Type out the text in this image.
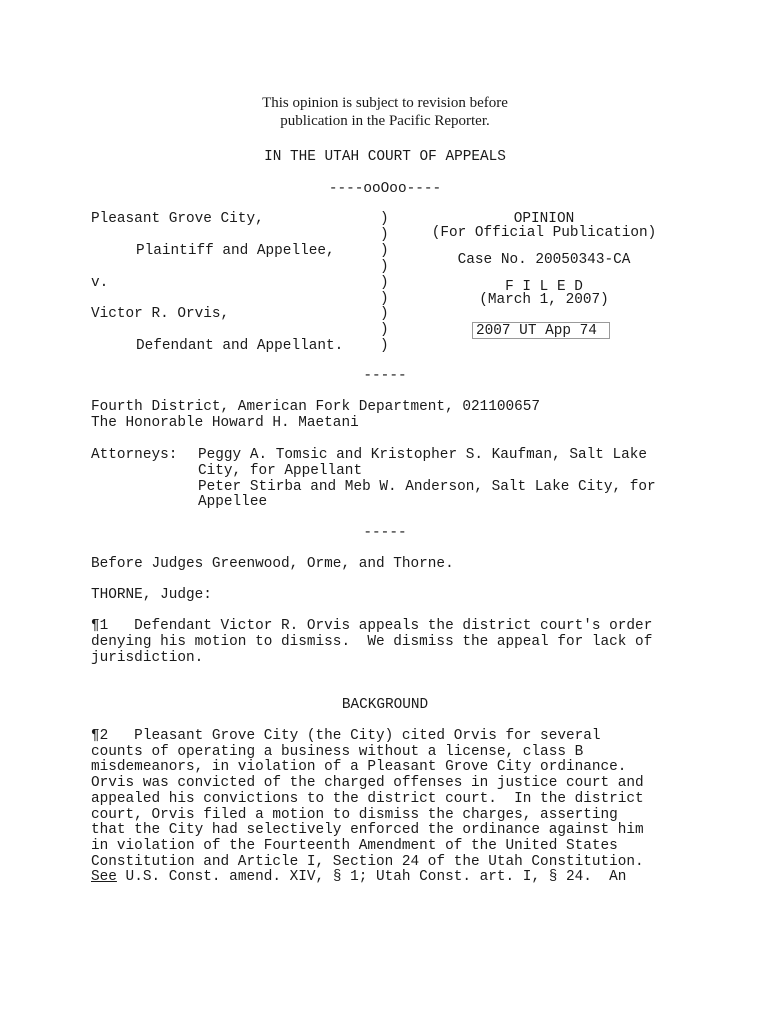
This opinion is subject to revision before
publication in the Pacific Reporter.
IN THE UTAH COURT OF APPEALS
----ooOoo----
Pleasant Grove City,
Plaintiff and Appellee,
v.
Victor R. Orvis,
Defendant and Appellant.
)
)
)
)
)
)
)
)
)
OPINION
(For Official Publication)
Case No. 20050343-CA
F I L E D
(March 1, 2007)
2007 UT App 74
-----
Fourth District, American Fork Department, 021100657
The Honorable Howard H. Maetani
Attorneys: Peggy A. Tomsic and Kristopher S. Kaufman, Salt Lake
City, for Appellant
Peter Stirba and Meb W. Anderson, Salt Lake City, for
Appellee
-----
Before Judges Greenwood, Orme, and Thorne.
THORNE, Judge:
¶1   Defendant Victor R. Orvis appeals the district court's order
denying his motion to dismiss.  We dismiss the appeal for lack of
jurisdiction.
BACKGROUND
¶2   Pleasant Grove City (the City) cited Orvis for several
counts of operating a business without a license, class B
misdemeanors, in violation of a Pleasant Grove City ordinance.
Orvis was convicted of the charged offenses in justice court and
appealed his convictions to the district court.  In the district
court, Orvis filed a motion to dismiss the charges, asserting
that the City had selectively enforced the ordinance against him
in violation of the Fourteenth Amendment of the United States
Constitution and Article I, Section 24 of the Utah Constitution.
See U.S. Const. amend. XIV, § 1; Utah Const. art. I, § 24.  An
